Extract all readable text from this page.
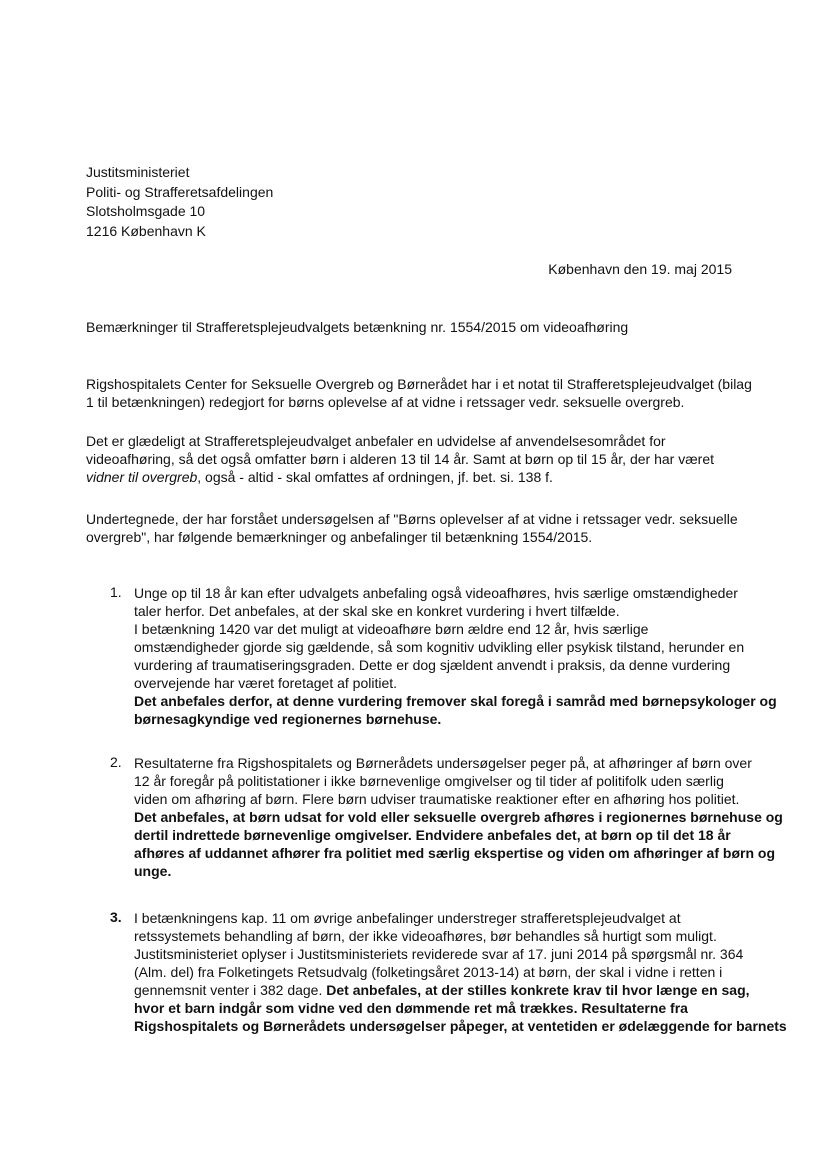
Justitsministeriet
Politi- og Strafferetsafdelingen
Slotsholmsgade 10
1216 København K
København den 19. maj 2015
Bemærkninger til Strafferetsplejeudvalgets betænkning nr. 1554/2015 om videoafhøring
Rigshospitalets Center for Seksuelle Overgreb og Børnerådet har i et notat til Strafferetsplejeudvalget (bilag
1 til betænkningen) redegjort for børns oplevelse af at vidne i retssager vedr. seksuelle overgreb.
Det er glædeligt at Strafferetsplejeudvalget anbefaler en udvidelse af anvendelsesområdet for
videoafhøring, så det også omfatter børn i alderen 13 til 14 år. Samt at børn op til 15 år, der har været
vidner til overgreb, også - altid - skal omfattes af ordningen, jf. bet. si. 138 f.
Undertegnede, der har forstået undersøgelsen af "Børns oplevelser af at vidne i retssager vedr. seksuelle
overgreb", har følgende bemærkninger og anbefalinger til betænkning 1554/2015.
1. Unge op til 18 år kan efter udvalgets anbefaling også videoafhøres, hvis særlige omstændigheder
taler herfor. Det anbefales, at der skal ske en konkret vurdering i hvert tilfælde.
I betænkning 1420 var det muligt at videoafhøre børn ældre end 12 år, hvis særlige
omstændigheder gjorde sig gældende, så som kognitiv udvikling eller psykisk tilstand, herunder en
vurdering af traumatiseringsgraden. Dette er dog sjældent anvendt i praksis, da denne vurdering
overvejende har været foretaget af politiet.
Det anbefales derfor, at denne vurdering fremover skal foregå i samråd med børnepsykologer og
børnesagkyndige ved regionernes børnehuse.
2. Resultaterne fra Rigshospitalets og Børnerådets undersøgelser peger på, at afhøringer af børn over
12 år foregår på politistationer i ikke børnevenlige omgivelser og til tider af politifolk uden særlig
viden om afhøring af børn. Flere børn udviser traumatiske reaktioner efter en afhøring hos politiet.
Det anbefales, at børn udsat for vold eller seksuelle overgreb afhøres i regionernes børnehuse og
dertil indrettede børnevenlige omgivelser. Endvidere anbefales det, at børn op til det 18 år
afhøres af uddannet afhører fra politiet med særlig ekspertise og viden om afhøringer af børn og
unge.
3. I betænkningens kap. 11 om øvrige anbefalinger understreger strafferetsplejeudvalget at
retssystemets behandling af børn, der ikke videoafhøres, bør behandles så hurtigt som muligt.
Justitsministeriet oplyser i Justitsministeriets reviderede svar af 17. juni 2014 på spørgsmål nr. 364
(Alm. del) fra Folketingets Retsudvalg (folketingsåret 2013-14) at børn, der skal i vidne i retten i
gennemsnit venter i 382 dage. Det anbefales, at der stilles konkrete krav til hvor længe en sag,
hvor et barn indgår som vidne ved den dømmende ret må trækkes. Resultaterne fra
Rigshospitalets og Børnerådets undersøgelser påpeger, at ventetiden er ødelæggende for barnets
